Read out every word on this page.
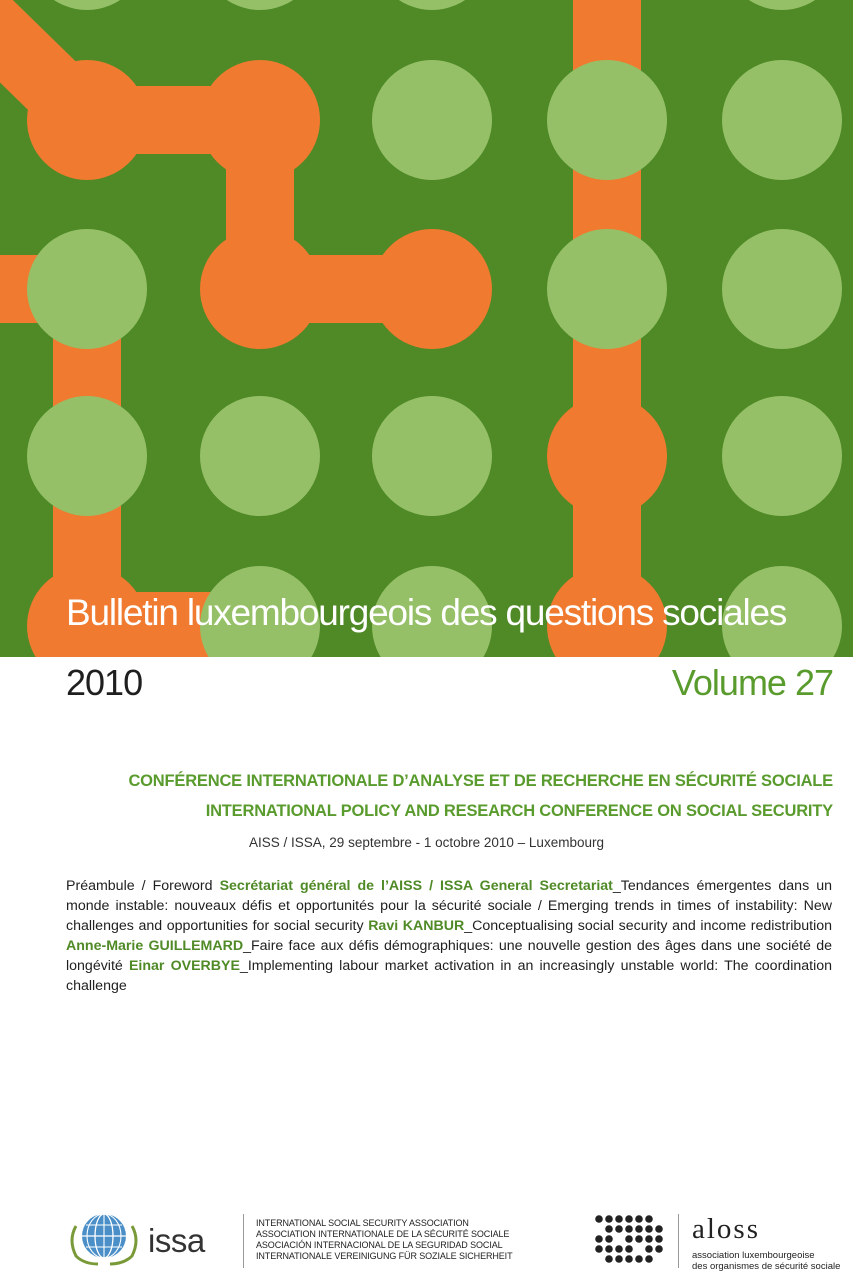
Bulletin luxembourgeois des questions sociales
2010	Volume 27
CONFÉRENCE INTERNATIONALE D’ANALYSE ET DE RECHERCHE EN SÉCURITÉ SOCIALE
INTERNATIONAL POLICY AND RESEARCH CONFERENCE ON SOCIAL SECURITY
AISS / ISSA, 29 septembre - 1 octobre 2010 – Luxembourg

Préambule / Foreword Secrétariat général de l’AISS / ISSA General Secretariat_Tendances émergentes dans un monde instable: nouveaux défis et opportunités pour la sécurité sociale / Emerging trends in times of instability: New challenges and opportunities for social security Ravi KANBUR_Conceptualising social security and income redistribution Anne-Marie GUILLEMARD_Faire face aux défis démographiques: une nouvelle gestion des âges dans une société de longévité Einar OVERBYE_Implementing labour market activation in an increasingly unstable world: The coordination challenge

issa	INTERNATIONAL SOCIAL SECURITY ASSOCIATION
ASSOCIATION INTERNATIONALE DE LA SÉCURITÉ SOCIALE
ASOCIACIÓN INTERNACIONAL DE LA SEGURIDAD SOCIAL
INTERNATIONALE VEREINIGUNG FÜR SOZIALE SICHERHEIT
aloss
association luxembourgeoise
des organismes de sécurité sociale
